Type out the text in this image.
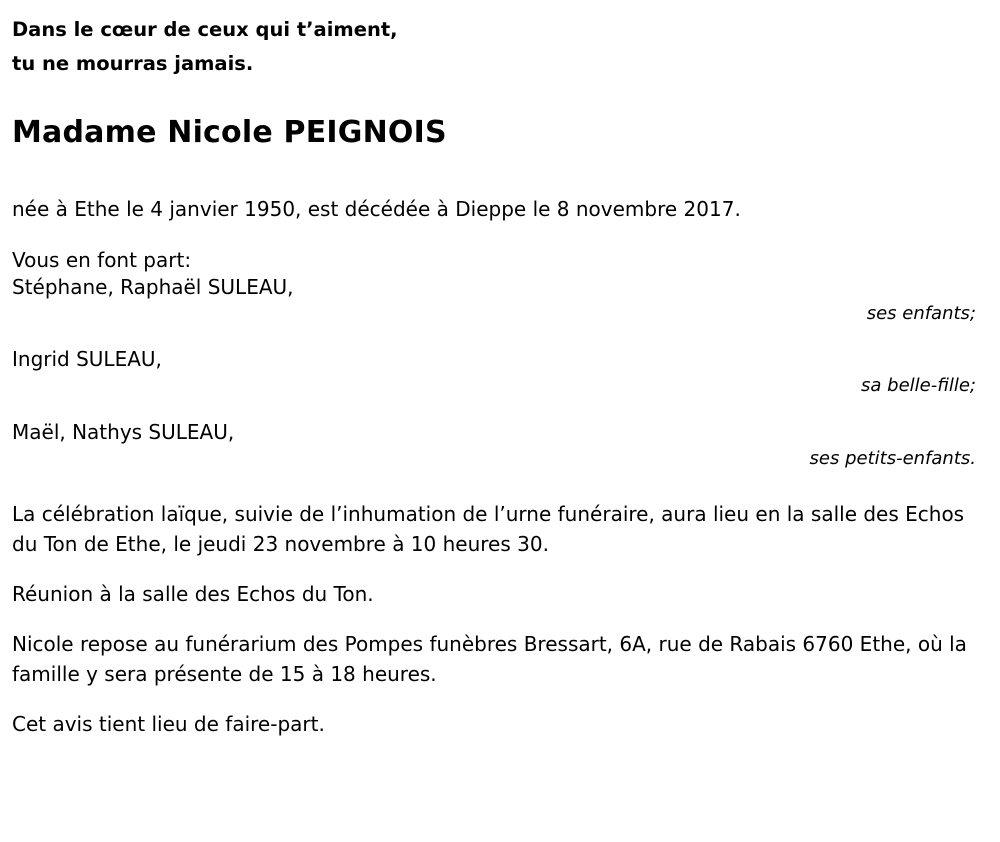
Dans le cœur de ceux qui t’aiment,
tu ne mourras jamais.
Madame Nicole PEIGNOIS
née à Ethe le 4 janvier 1950, est décédée à Dieppe le 8 novembre 2017.
Vous en font part:
Stéphane, Raphaël SULEAU,
ses enfants;
Ingrid SULEAU,
sa belle-fille;
Maël, Nathys SULEAU,
ses petits-enfants.
La célébration laïque, suivie de l’inhumation de l’urne funéraire, aura lieu en la salle des Echos du Ton de Ethe, le jeudi 23 novembre à 10 heures 30.
Réunion à la salle des Echos du Ton.
Nicole repose au funérarium des Pompes funèbres Bressart, 6A, rue de Rabais 6760 Ethe, où la famille y sera présente de 15 à 18 heures.
Cet avis tient lieu de faire-part.
